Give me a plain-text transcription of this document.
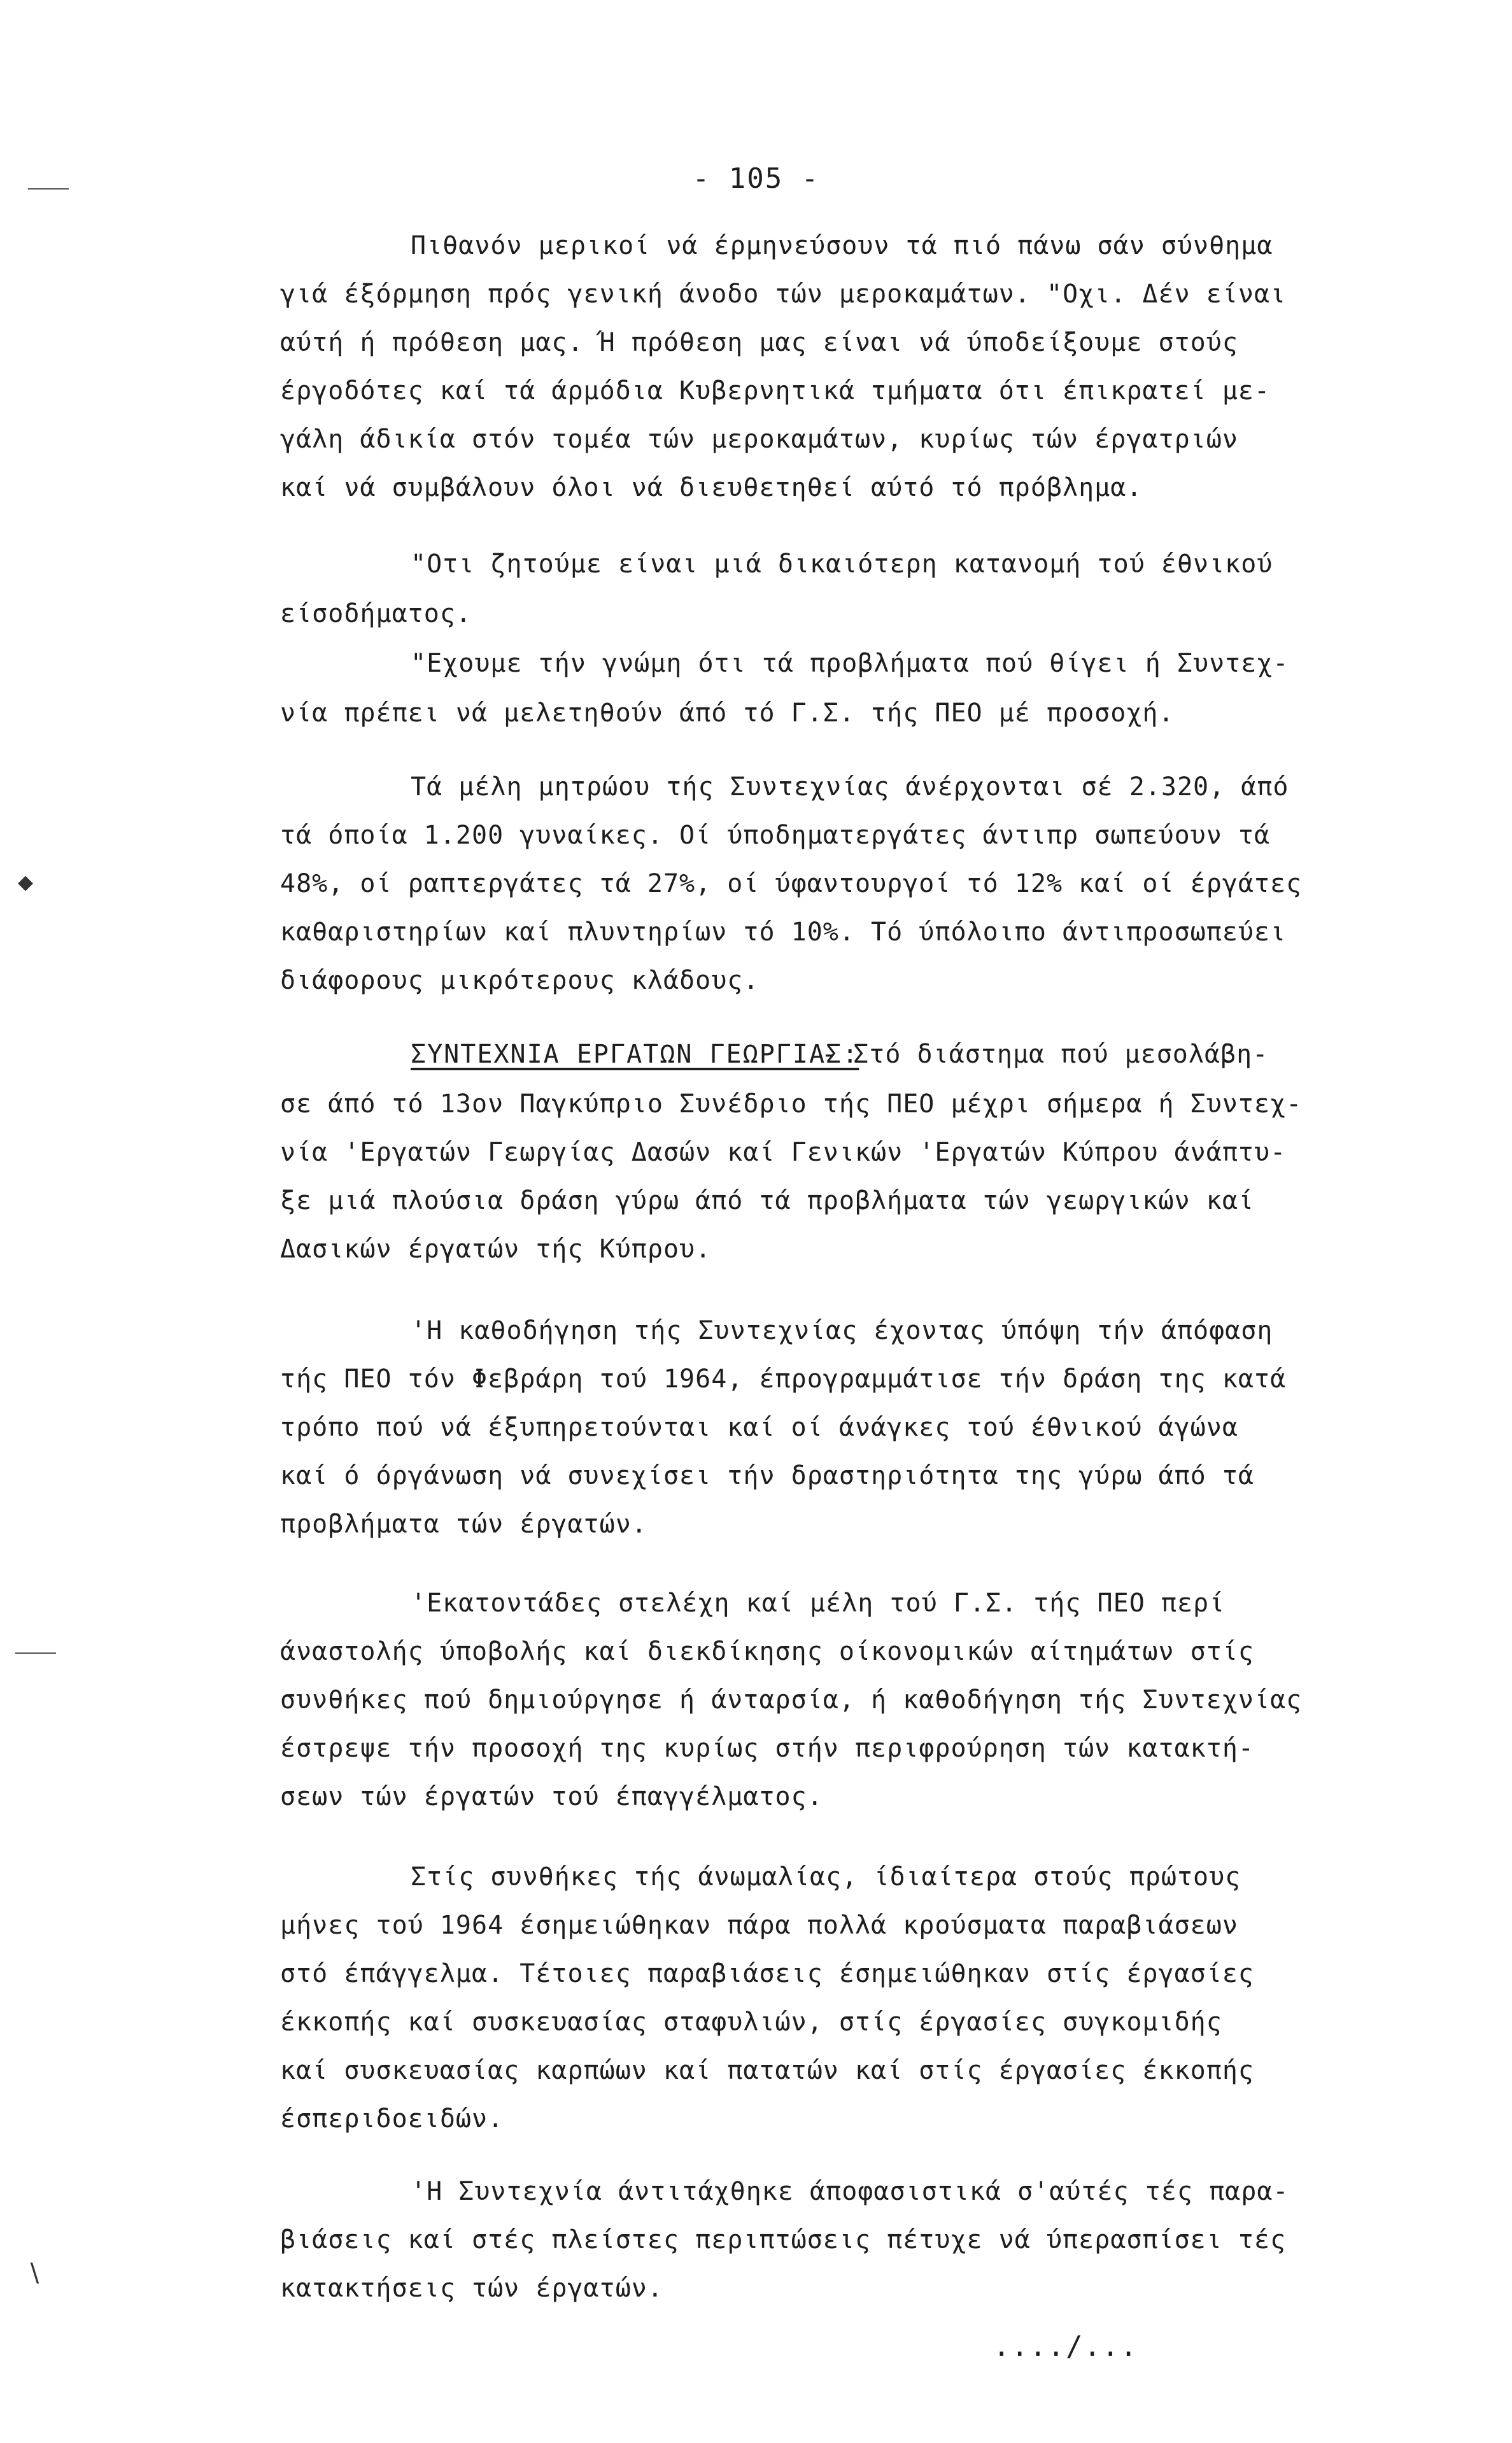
- 105 -
Πιθανόν μερικοί νά έρμηνεύσουν τά πιό πάνω σάν σύνθημα
γιά έξόρμηση πρός γενική άνοδο τών μεροκαμάτων. "Οχι. Δέν είναι
αύτή ή πρόθεση μας. Ή πρόθεση μας είναι νά ύποδείξουμε στούς
έργοδότες καί τά άρμόδια Κυβερνητικά τμήματα ότι έπικρατεί με-
γάλη άδικία στόν τομέα τών μεροκαμάτων, κυρίως τών έργατριών
καί νά συμβάλουν όλοι νά διευθετηθεί αύτό τό πρόβλημα.
"Οτι ζητούμε είναι μιά δικαιότερη κατανομή τού έθνικού
είσοδήματος.
"Εχουμε τήν γνώμη ότι τά προβλήματα πού θίγει ή Συντεχ-
νία πρέπει νά μελετηθούν άπό τό Γ.Σ. τής ΠΕΟ μέ προσοχή.
Τά μέλη μητρώου τής Συντεχνίας άνέρχονται σέ 2.320, άπό
τά όποία 1.200 γυναίκες. Οί ύποδηματεργάτες άντιπρ σωπεύουν τά
48%, οί ραπτεργάτες τά 27%, οί ύφαντουργοί τό 12% καί οί έργάτες
καθαριστηρίων καί πλυντηρίων τό 10%. Τό ύπόλοιπο άντιπροσωπεύει
διάφορους μικρότερους κλάδους.
ΣΥΝΤΕΧΝΙΑ ΕΡΓΑΤΩΝ ΓΕΩΡΓΙΑΣ:
- Στό διάστημα πού μεσολάβη-
σε άπό τό 13ον Παγκύπριο Συνέδριο τής ΠΕΟ μέχρι σήμερα ή Συντεχ-
νία 'Εργατών Γεωργίας Δασών καί Γενικών 'Εργατών Κύπρου άνάπτυ-
ξε μιά πλούσια δράση γύρω άπό τά προβλήματα τών γεωργικών καί
Δασικών έργατών τής Κύπρου.
'Η καθοδήγηση τής Συντεχνίας έχοντας ύπόψη τήν άπόφαση
τής ΠΕΟ τόν Φεβράρη τού 1964, έπρογραμμάτισε τήν δράση της κατά
τρόπο πού νά έξυπηρετούνται καί οί άνάγκες τού έθνικού άγώνα
καί ό όργάνωση νά συνεχίσει τήν δραστηριότητα της γύρω άπό τά
προβλήματα τών έργατών.
'Εκατοντάδες στελέχη καί μέλη τού Γ.Σ. τής ΠΕΟ περί
άναστολής ύποβολής καί διεκδίκησης οίκονομικών αίτημάτων στίς
συνθήκες πού δημιούργησε ή άνταρσία, ή καθοδήγηση τής Συντεχνίας
έστρεψε τήν προσοχή της κυρίως στήν περιφρούρηση τών κατακτή-
σεων τών έργατών τού έπαγγέλματος.
Στίς συνθήκες τής άνωμαλίας, ίδιαίτερα στούς πρώτους
μήνες τού 1964 έσημειώθηκαν πάρα πολλά κρούσματα παραβιάσεων
στό έπάγγελμα. Τέτοιες παραβιάσεις έσημειώθηκαν στίς έργασίες
έκκοπής καί συσκευασίας σταφυλιών, στίς έργασίες συγκομιδής
καί συσκευασίας καρπώων καί πατατών καί στίς έργασίες έκκοπής
έσπεριδοειδών.
'Η Συντεχνία άντιτάχθηκε άποφασιστικά σ'αύτές τές παρα-
βιάσεις καί στές πλείστες περιπτώσεις πέτυχε νά ύπερασπίσει τές
κατακτήσεις τών έργατών.
..../...
⸺
◆
⸺
∖
